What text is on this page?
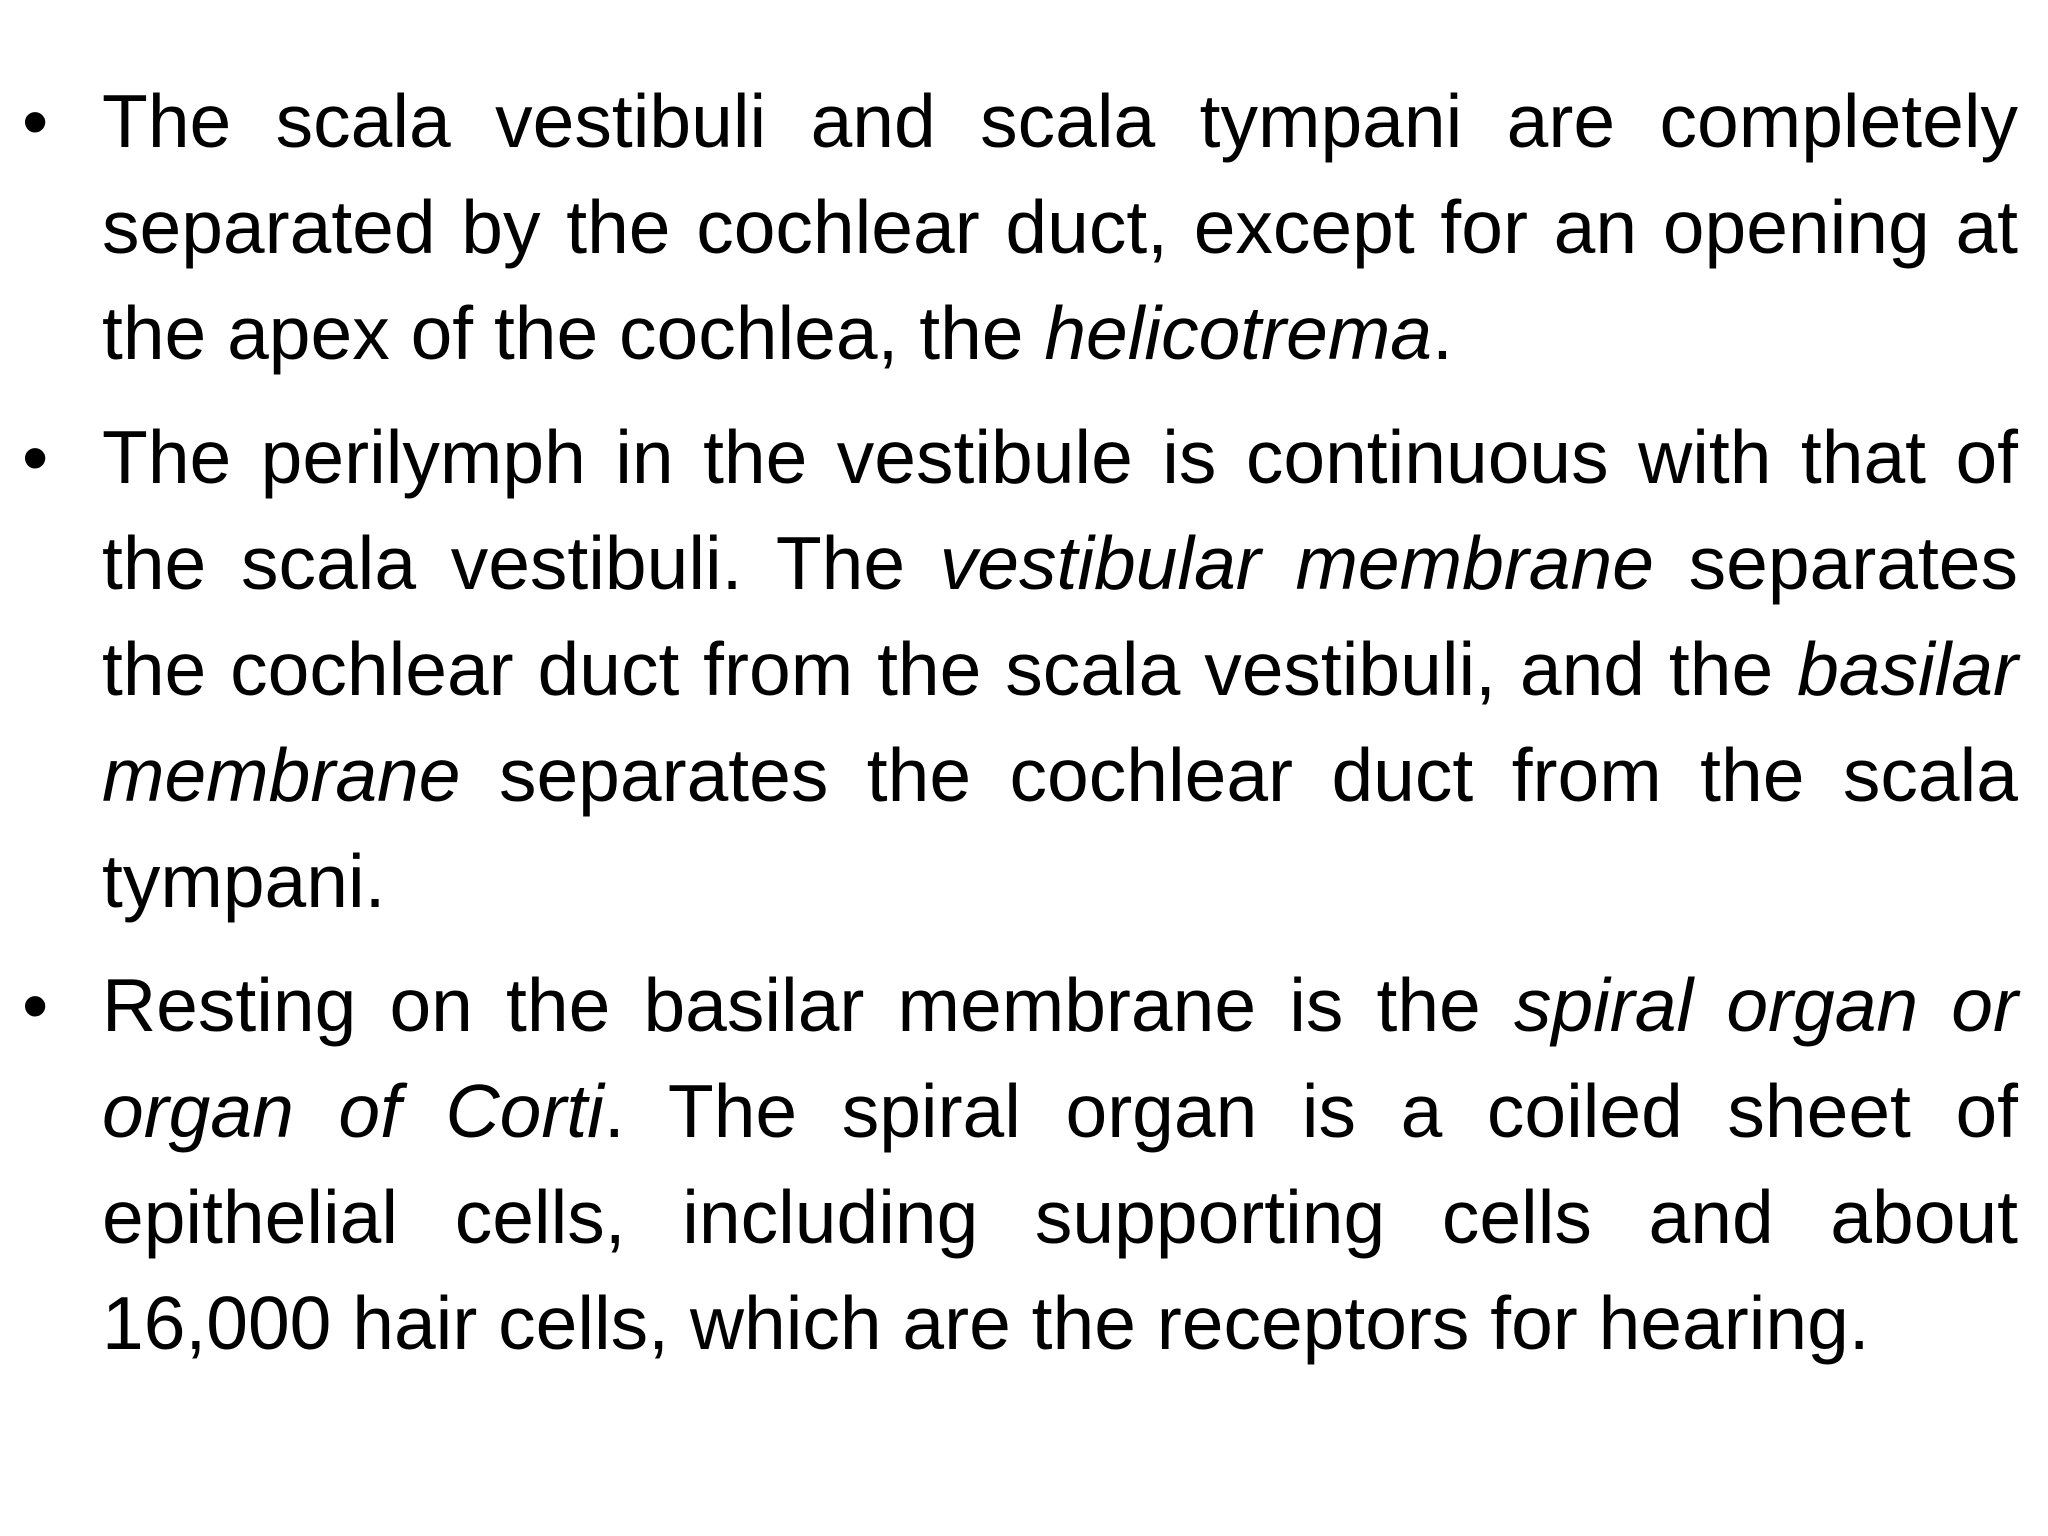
• The scala vestibuli and scala tympani are completely separated by the cochlear duct, except for an opening at the apex of the cochlea, the helicotrema.
• The perilymph in the vestibule is continuous with that of the scala vestibuli. The vestibular membrane separates the cochlear duct from the scala vestibuli, and the basilar membrane separates the cochlear duct from the scala tympani.
• Resting on the basilar membrane is the spiral organ or organ of Corti. The spiral organ is a coiled sheet of epithelial cells, including supporting cells and about 16,000 hair cells, which are the receptors for hearing.
